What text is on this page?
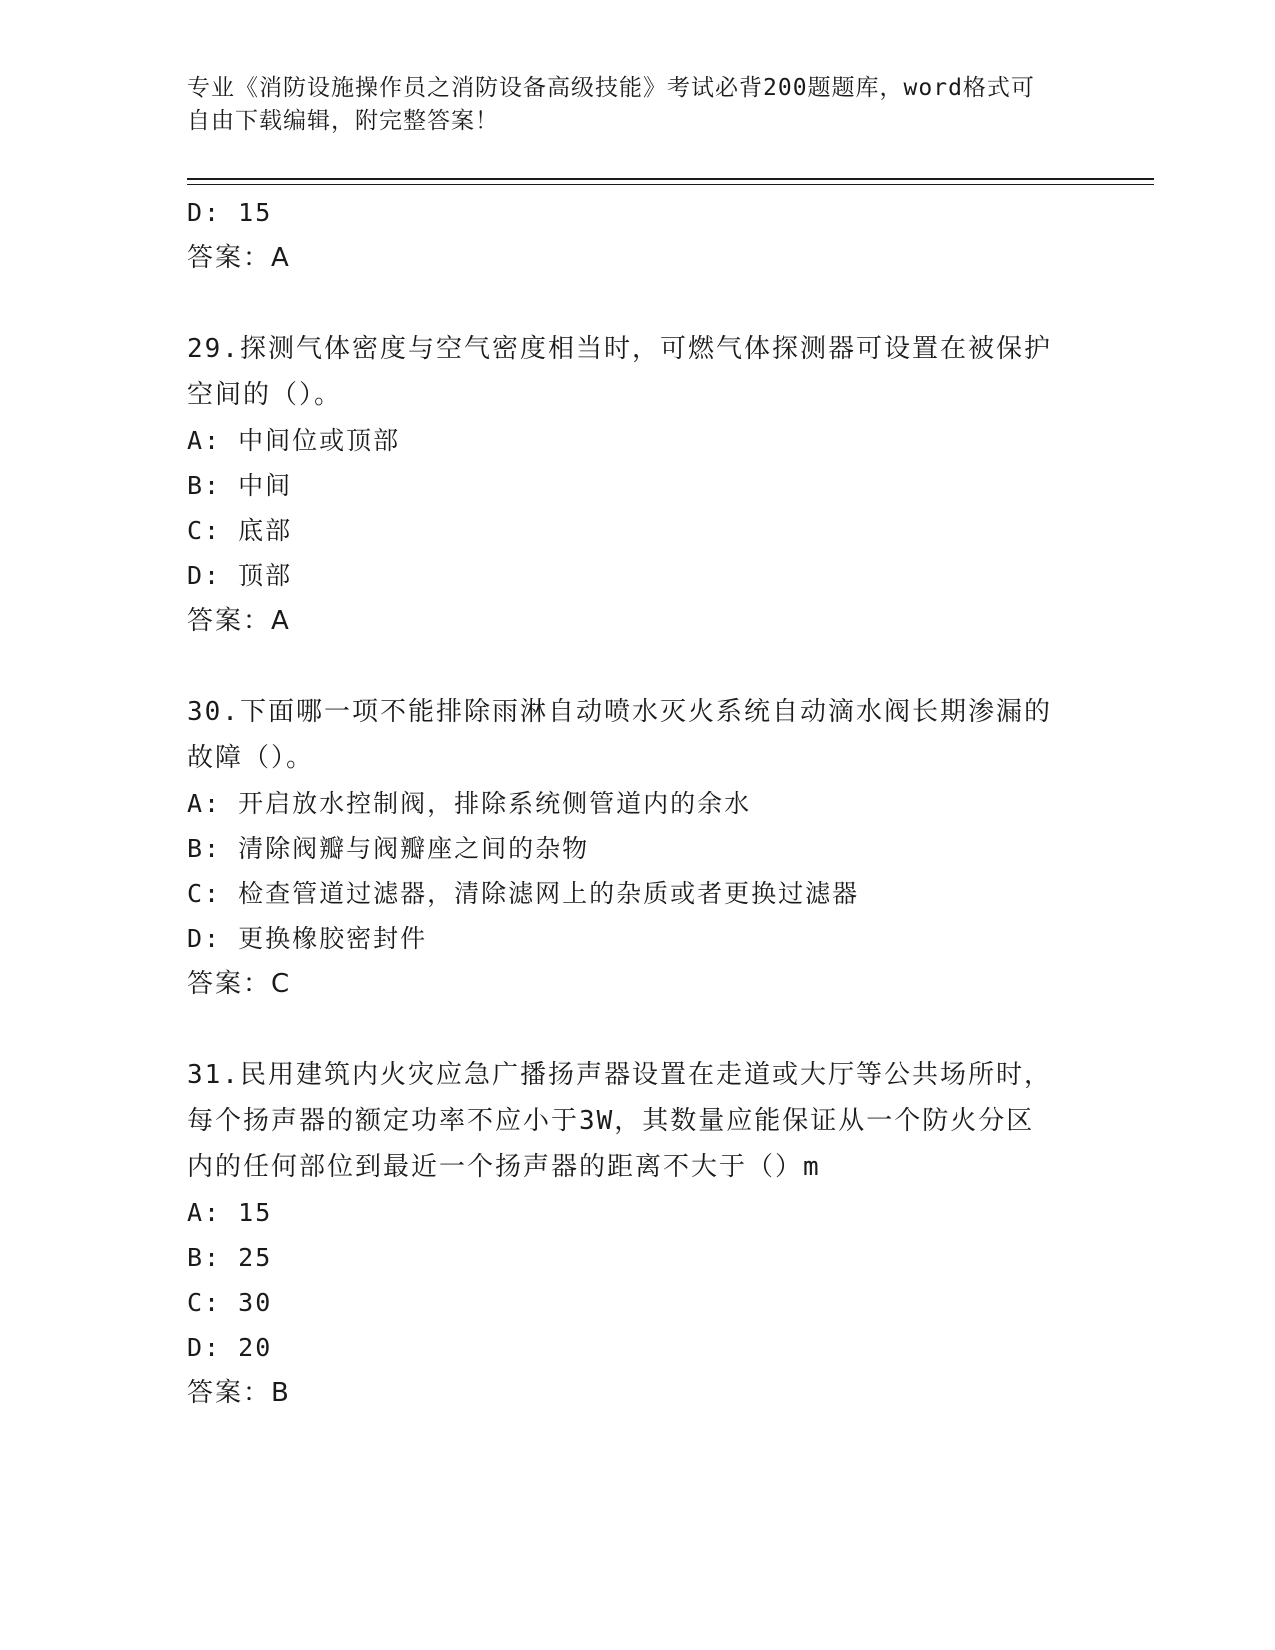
专业《消防设施操作员之消防设备高级技能》考试必背200题题库，word格式可
自由下载编辑，附完整答案！
D: 15
答案：A
29.探测气体密度与空气密度相当时，可燃气体探测器可设置在被保护
空间的（）。
A: 中间位或顶部
B: 中间
C: 底部
D: 顶部
答案：A
30.下面哪一项不能排除雨淋自动喷水灭火系统自动滴水阀长期渗漏的
故障（）。
A: 开启放水控制阀，排除系统侧管道内的余水
B: 清除阀瓣与阀瓣座之间的杂物
C: 检查管道过滤器，清除滤网上的杂质或者更换过滤器
D: 更换橡胶密封件
答案：C
31.民用建筑内火灾应急广播扬声器设置在走道或大厅等公共场所时，
每个扬声器的额定功率不应小于3W，其数量应能保证从一个防火分区
内的任何部位到最近一个扬声器的距离不大于（）m
A: 15
B: 25
C: 30
D: 20
答案：B
